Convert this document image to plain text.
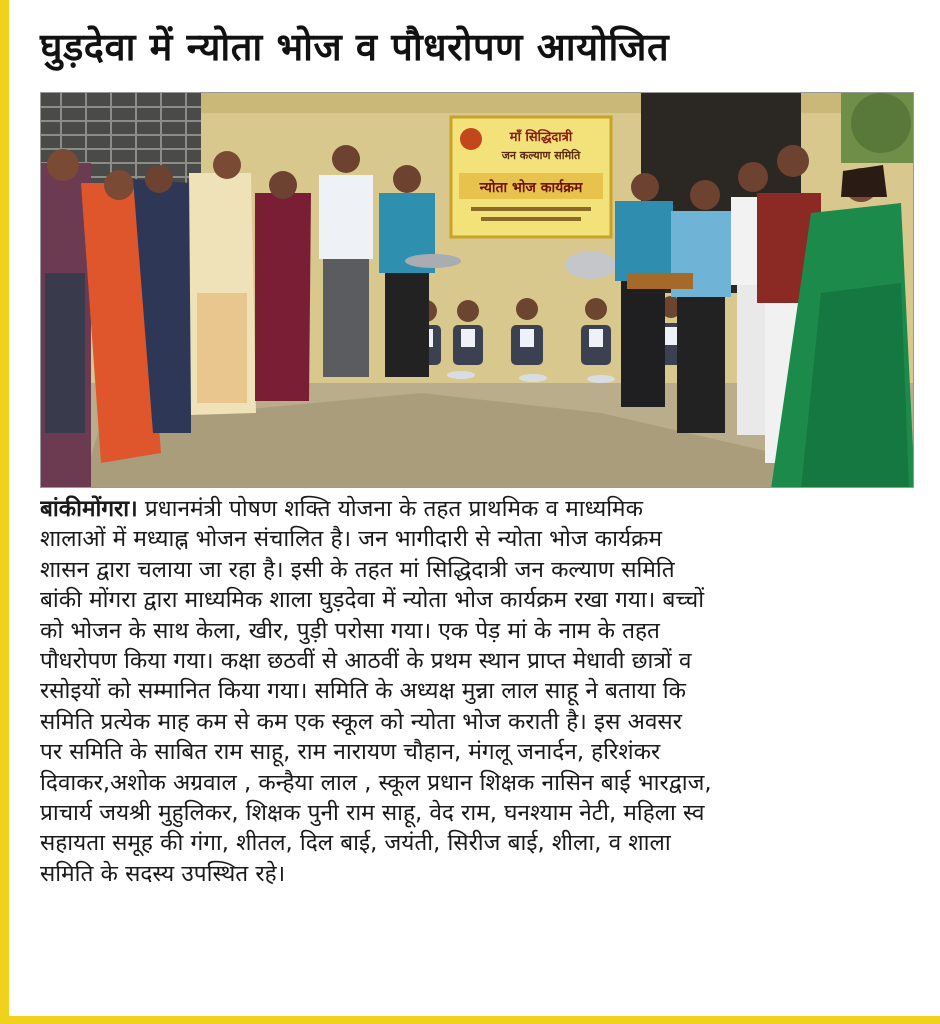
घुड़देवा में न्योता भोज व पौधरोपण आयोजित
माँ सिद्धिदात्री
जन कल्याण समिति
न्योता भोज कार्यक्रम
बांकीमोंगरा। प्रधानमंत्री पोषण शक्ति योजना के तहत प्राथमिक व माध्यमिक
शालाओं में मध्याह्न भोजन संचालित है। जन भागीदारी से न्योता भोज कार्यक्रम
शासन द्वारा चलाया जा रहा है। इसी के तहत मां सिद्धिदात्री जन कल्याण समिति
बांकी मोंगरा द्वारा माध्यमिक शाला घुड़देवा में न्योता भोज कार्यक्रम रखा गया। बच्चों
को भोजन के साथ केला, खीर, पुड़ी परोसा गया। एक पेड़ मां के नाम के तहत
पौधरोपण किया गया। कक्षा छठवीं से आठवीं के प्रथम स्थान प्राप्त मेधावी छात्रों व
रसोइयों को सम्मानित किया गया। समिति के अध्यक्ष मुन्ना लाल साहू ने बताया कि
समिति प्रत्येक माह कम से कम एक स्कूल को न्योता भोज कराती है। इस अवसर
पर समिति के साबित राम साहू, राम नारायण चौहान, मंगलू जनार्दन, हरिशंकर
दिवाकर,अशोक अग्रवाल , कन्हैया लाल , स्कूल प्रधान शिक्षक नासिन बाई भारद्वाज,
प्राचार्य जयश्री मुहुलिकर, शिक्षक पुनी राम साहू, वेद राम, घनश्याम नेटी, महिला स्व
सहायता समूह की गंगा, शीतल, दिल बाई, जयंती, सिरीज बाई, शीला, व शाला
समिति के सदस्य उपस्थित रहे।
